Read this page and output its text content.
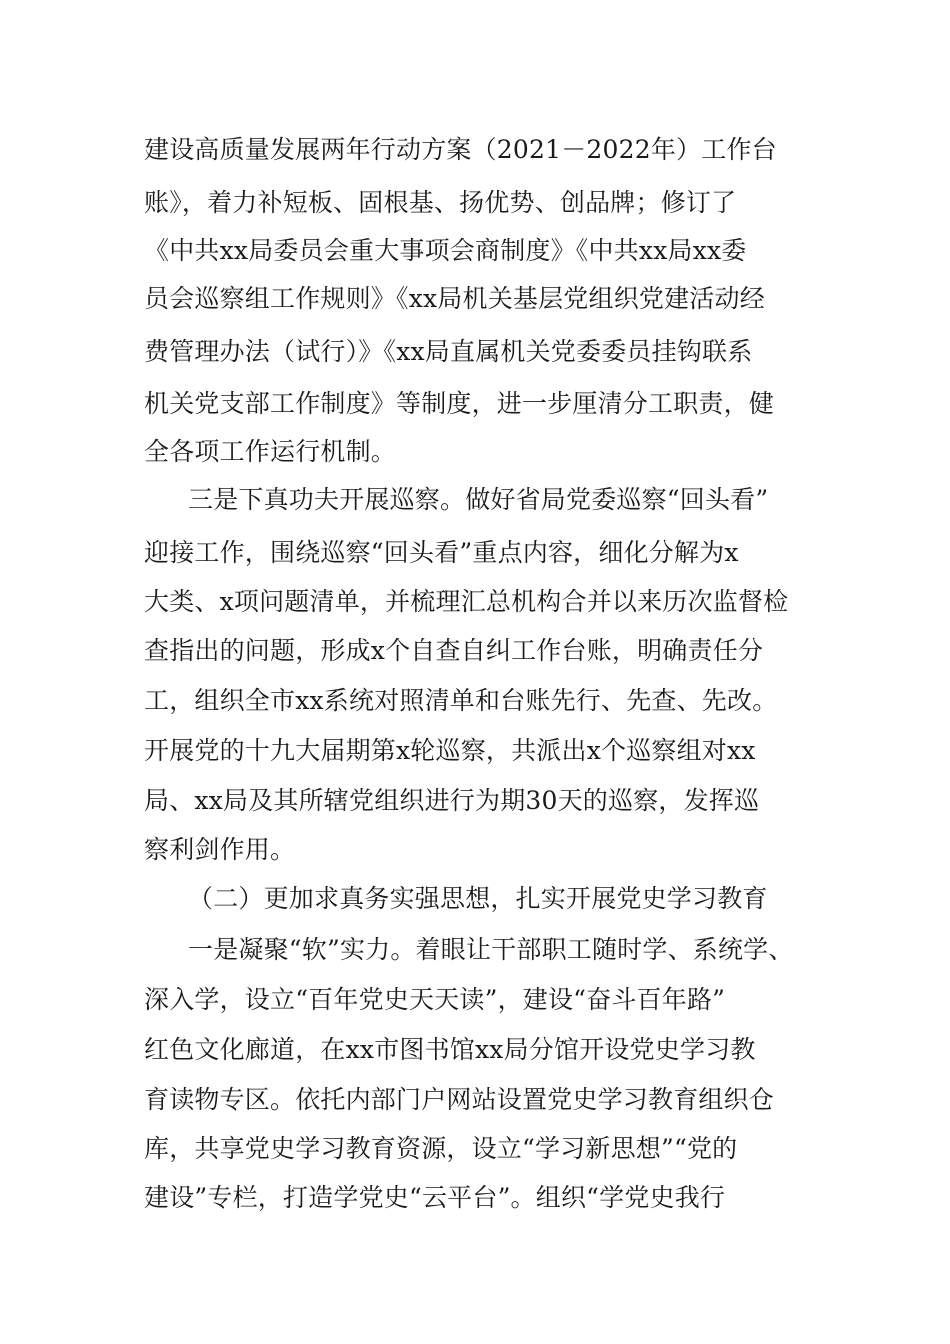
建设高质量发展两年行动方案（2021－2022年）工作台
账》，着力补短板、固根基、扬优势、创品牌；修订了
《中共xx局委员会重大事项会商制度》《中共xx局xx委
员会巡察组工作规则》《xx局机关基层党组织党建活动经
费管理办法（试行）》《xx局直属机关党委委员挂钩联系
机关党支部工作制度》等制度，进一步厘清分工职责，健
全各项工作运行机制。
三是下真功夫开展巡察。做好省局党委巡察“回头看”
迎接工作，围绕巡察“回头看”重点内容，细化分解为x
大类、x项问题清单，并梳理汇总机构合并以来历次监督检
查指出的问题，形成x个自查自纠工作台账，明确责任分
工，组织全市xx系统对照清单和台账先行、先查、先改。
开展党的十九大届期第x轮巡察，共派出x个巡察组对xx
局、xx局及其所辖党组织进行为期30天的巡察，发挥巡
察利剑作用。
（二）更加求真务实强思想，扎实开展党史学习教育
一是凝聚“软”实力。着眼让干部职工随时学、系统学、
深入学，设立“百年党史天天读”，建设“奋斗百年路”
红色文化廊道，在xx市图书馆xx局分馆开设党史学习教
育读物专区。依托内部门户网站设置党史学习教育组织仓
库，共享党史学习教育资源，设立“学习新思想”“党的
建设”专栏，打造学党史“云平台”。组织“学党史我行
